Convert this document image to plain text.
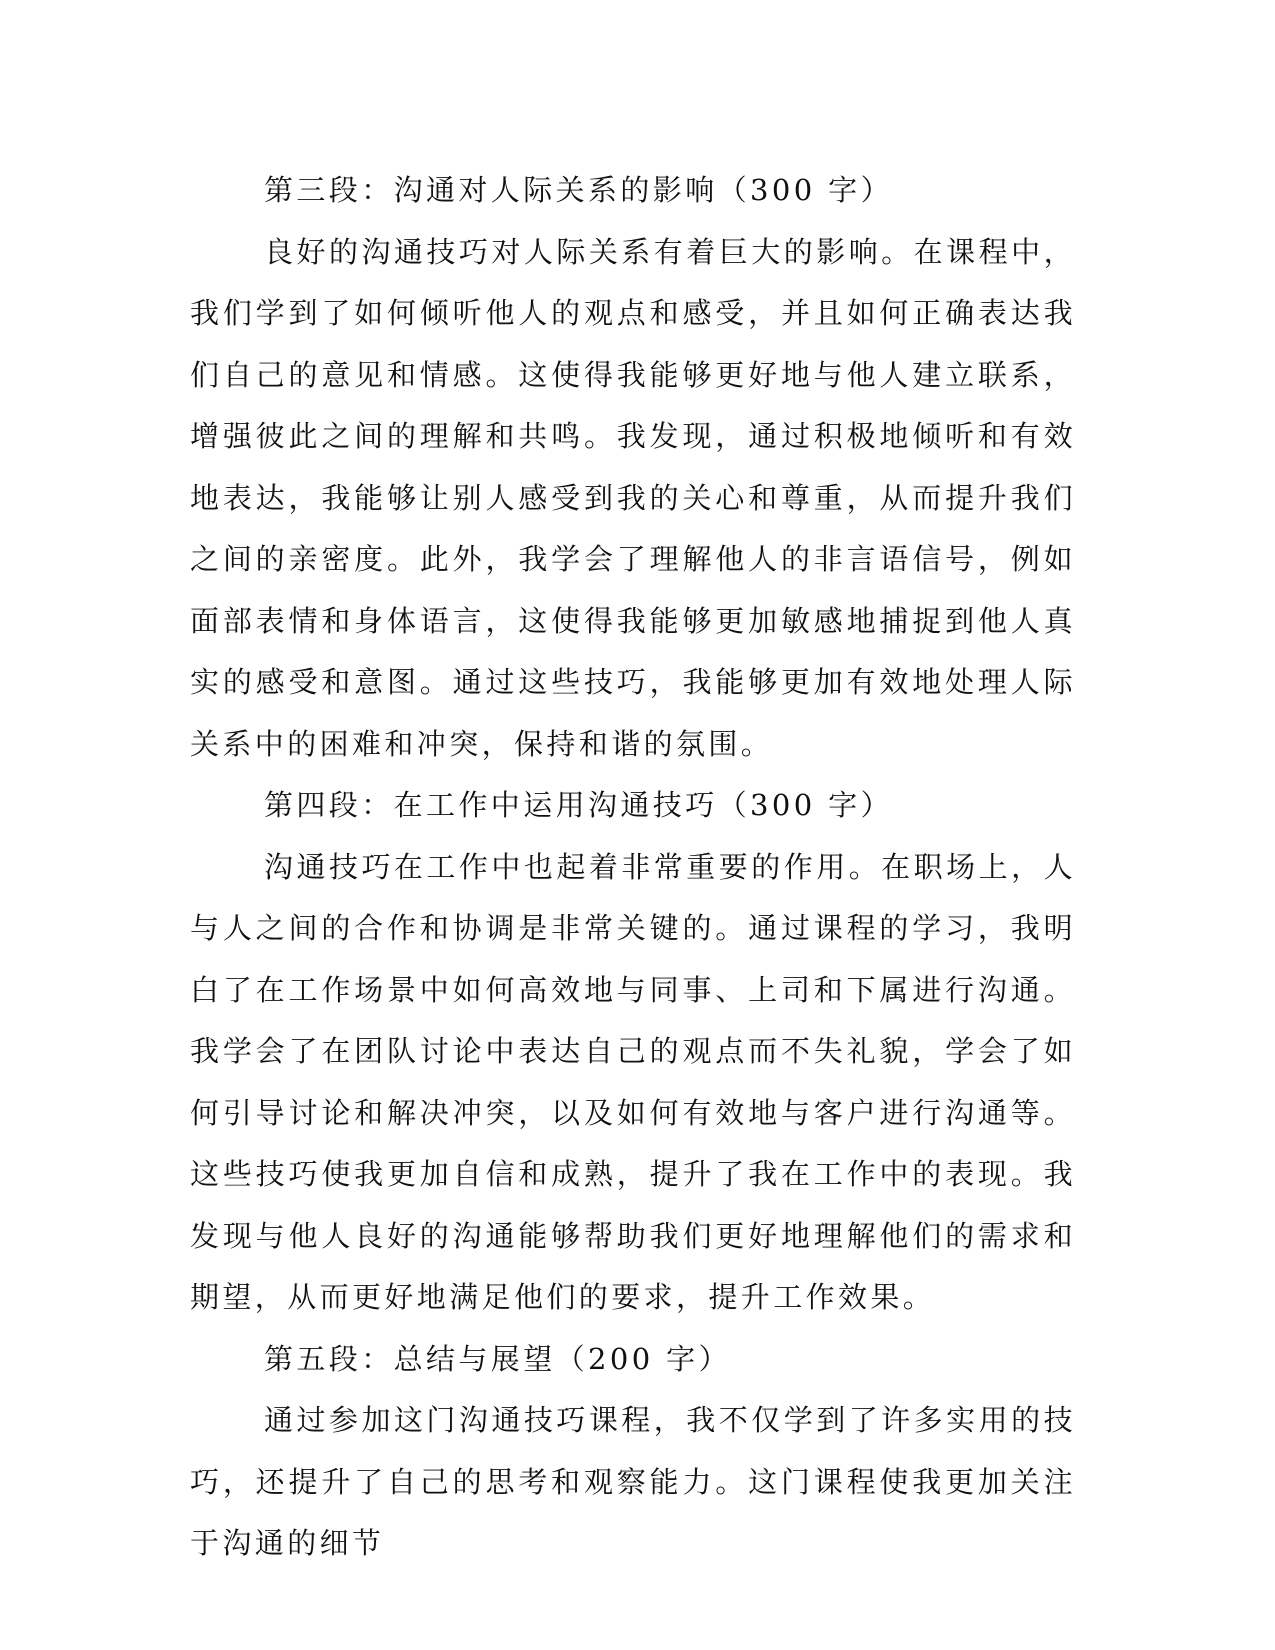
第三段：沟通对人际关系的影响（300 字）

良好的沟通技巧对人际关系有着巨大的影响。在课程中，我们学到了如何倾听他人的观点和感受，并且如何正确表达我们自己的意见和情感。这使得我能够更好地与他人建立联系，增强彼此之间的理解和共鸣。我发现，通过积极地倾听和有效地表达，我能够让别人感受到我的关心和尊重，从而提升我们之间的亲密度。此外，我学会了理解他人的非言语信号，例如面部表情和身体语言，这使得我能够更加敏感地捕捉到他人真实的感受和意图。通过这些技巧，我能够更加有效地处理人际关系中的困难和冲突，保持和谐的氛围。

第四段：在工作中运用沟通技巧（300 字）

沟通技巧在工作中也起着非常重要的作用。在职场上，人与人之间的合作和协调是非常关键的。通过课程的学习，我明白了在工作场景中如何高效地与同事、上司和下属进行沟通。我学会了在团队讨论中表达自己的观点而不失礼貌，学会了如何引导讨论和解决冲突，以及如何有效地与客户进行沟通等。这些技巧使我更加自信和成熟，提升了我在工作中的表现。我发现与他人良好的沟通能够帮助我们更好地理解他们的需求和期望，从而更好地满足他们的要求，提升工作效果。

第五段：总结与展望（200 字）

通过参加这门沟通技巧课程，我不仅学到了许多实用的技巧，还提升了自己的思考和观察能力。这门课程使我更加关注于沟通的细节
